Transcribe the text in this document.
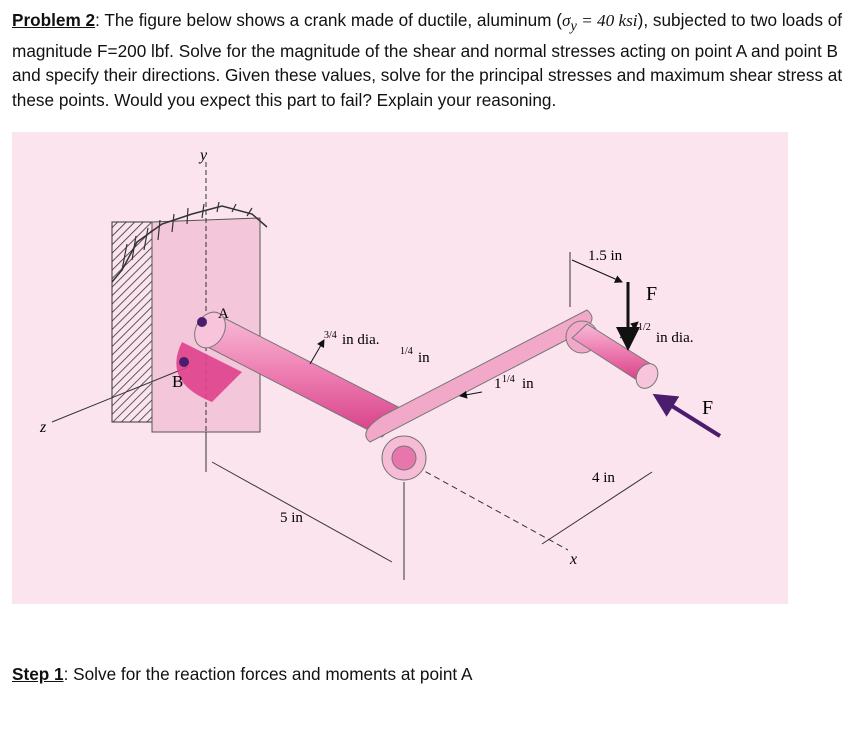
Problem 2: The figure below shows a crank made of ductile, aluminum ($\sigma_y = 40$ ksi), subjected to two loads of magnitude F=200 lbf. Solve for the magnitude of the shear and normal stresses acting on point A and point B and specify their directions. Given these values, solve for the principal stresses and maximum shear stress at these points. Would you expect this part to fail? Explain your reasoning.
y
z
x
A
B
3/4 in dia.
1/4 in
1 1/4 in
1.5 in
1/2
in dia.
4 in
5 in
F
F
Step 1: Solve for the reaction forces and moments at point A
